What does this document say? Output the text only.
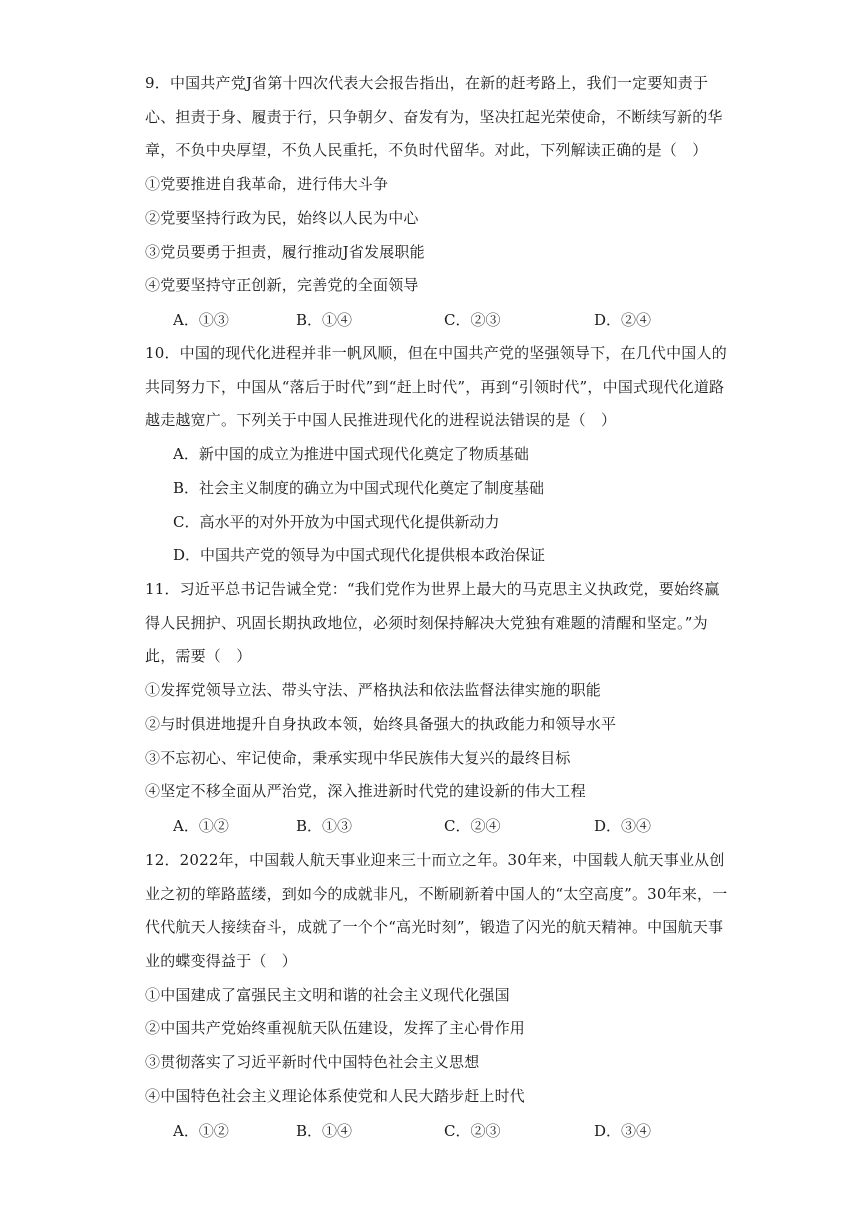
9．中国共产党J省第十四次代表大会报告指出，在新的赶考路上，我们一定要知责于
心、担责于身、履责于行，只争朝夕、奋发有为，坚决扛起光荣使命，不断续写新的华
章，不负中央厚望，不负人民重托，不负时代留华。对此，下列解读正确的是（　）
①党要推进自我革命，进行伟大斗争
②党要坚持行政为民，始终以人民为中心
③党员要勇于担责，履行推动J省发展职能
④党要坚持守正创新，完善党的全面领导
A．①③	B．①④	C．②③	D．②④
10．中国的现代化进程并非一帆风顺，但在中国共产党的坚强领导下，在几代中国人的
共同努力下，中国从“落后于时代”到“赶上时代”，再到“引领时代”，中国式现代化道路
越走越宽广。下列关于中国人民推进现代化的进程说法错误的是（　）
A．新中国的成立为推进中国式现代化奠定了物质基础
B．社会主义制度的确立为中国式现代化奠定了制度基础
C．高水平的对外开放为中国式现代化提供新动力
D．中国共产党的领导为中国式现代化提供根本政治保证
11．习近平总书记告诫全党：“我们党作为世界上最大的马克思主义执政党，要始终赢
得人民拥护、巩固长期执政地位，必须时刻保持解决大党独有难题的清醒和坚定。”为
此，需要（　）
①发挥党领导立法、带头守法、严格执法和依法监督法律实施的职能
②与时俱进地提升自身执政本领，始终具备强大的执政能力和领导水平
③不忘初心、牢记使命，秉承实现中华民族伟大复兴的最终目标
④坚定不移全面从严治党，深入推进新时代党的建设新的伟大工程
A．①②	B．①③	C．②④	D．③④
12．2022年，中国载人航天事业迎来三十而立之年。30年来，中国载人航天事业从创
业之初的筚路蓝缕，到如今的成就非凡，不断刷新着中国人的“太空高度”。30年来，一
代代航天人接续奋斗，成就了一个个“高光时刻”，锻造了闪光的航天精神。中国航天事
业的蝶变得益于（　）
①中国建成了富强民主文明和谐的社会主义现代化强国
②中国共产党始终重视航天队伍建设，发挥了主心骨作用
③贯彻落实了习近平新时代中国特色社会主义思想
④中国特色社会主义理论体系使党和人民大踏步赶上时代
A．①②	B．①④	C．②③	D．③④
